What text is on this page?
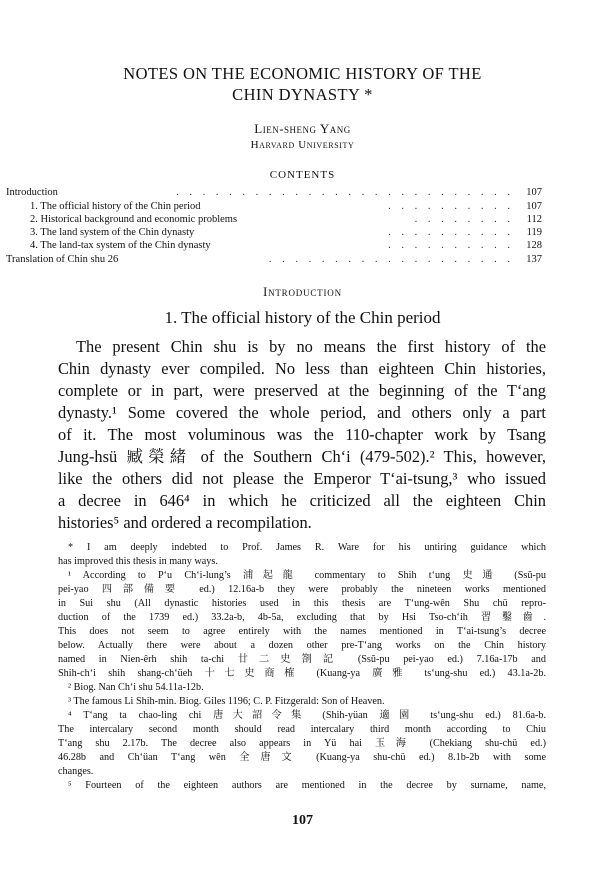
NOTES ON THE ECONOMIC HISTORY OF THE
CHIN DYNASTY *
Lien-sheng Yang
Harvard University
CONTENTS
Introduction	. . . . . . . . . . . . . . . . . . . . . . . . . . 107
1. The official history of the Chin period	. . . . . . . . . . 107
2. Historical background and economic problems	. . . . . . . . 112
3. The land system of the Chin dynasty	. . . . . . . . . . 119
4. The land-tax system of the Chin dynasty	. . . . . . . . . . 128
Translation of Chin shu 26	. . . . . . . . . . . . . . . . . . . 137
Introduction
1. The official history of the Chin period
The present Chin shu is by no means the first history of the
Chin dynasty ever compiled. No less than eighteen Chin histories,
complete or in part, were preserved at the beginning of the T‘ang
dynasty.¹ Some covered the whole period, and others only a part
of it. The most voluminous was the 110-chapter work by Tsang
Jung-hsü 臧榮緒 of the Southern Ch‘i (479-502).² This, however,
like the others did not please the Emperor T‘ai-tsung,³ who issued
a decree in 646⁴ in which he criticized all the eighteen Chin
histories⁵ and ordered a recompilation.
* I am deeply indebted to Prof. James R. Ware for his untiring guidance which
has improved this thesis in many ways.
¹ According to P‘u Ch‘i-lung’s 浦起龍 commentary to Shih t‘ung 史通 (Ssŭ-pu
pei-yao 四部備要 ed.) 12.16a-b they were probably the nineteen works mentioned
in Sui shu (All dynastic histories used in this thesis are T‘ung-wên Shu chü repro-
duction of the 1739 ed.) 33.2a-b, 4b-5a, excluding that by Hsi Tso-ch‘ih 習鑿齒.
This does not seem to agree entirely with the names mentioned in T‘ai-tsung’s decree
below. Actually there were about a dozen other pre-T‘ang works on the Chin history
named in Nien-êrh shih ta-chi 廿二史劄記 (Ssŭ-pu pei-yao ed.) 7.16a-17b and
Shih-ch‘i shih shang-ch‘üeh 十七史商榷 (Kuang-ya 廣雅 ts‘ung-shu ed.) 43.1a-2b.
² Biog. Nan Ch‘i shu 54.11a-12b.
³ The famous Li Shih-min. Biog. Giles 1196; C. P. Fitzgerald: Son of Heaven.
⁴ T‘ang ta chao-ling chi 唐大詔令集 (Shih-yüan 適園 ts‘ung-shu ed.) 81.6a-b.
The intercalary second month should read intercalary third month according to Chiu
T‘ang shu 2.17b. The decree also appears in Yü hai 玉海 (Chekiang shu-chü ed.)
46.28b and Ch‘üan T‘ang wên 全唐文 (Kuang-ya shu-chü ed.) 8.1b-2b with some
changes.
⁵ Fourteen of the eighteen authors are mentioned in the decree by surname, name,
107
